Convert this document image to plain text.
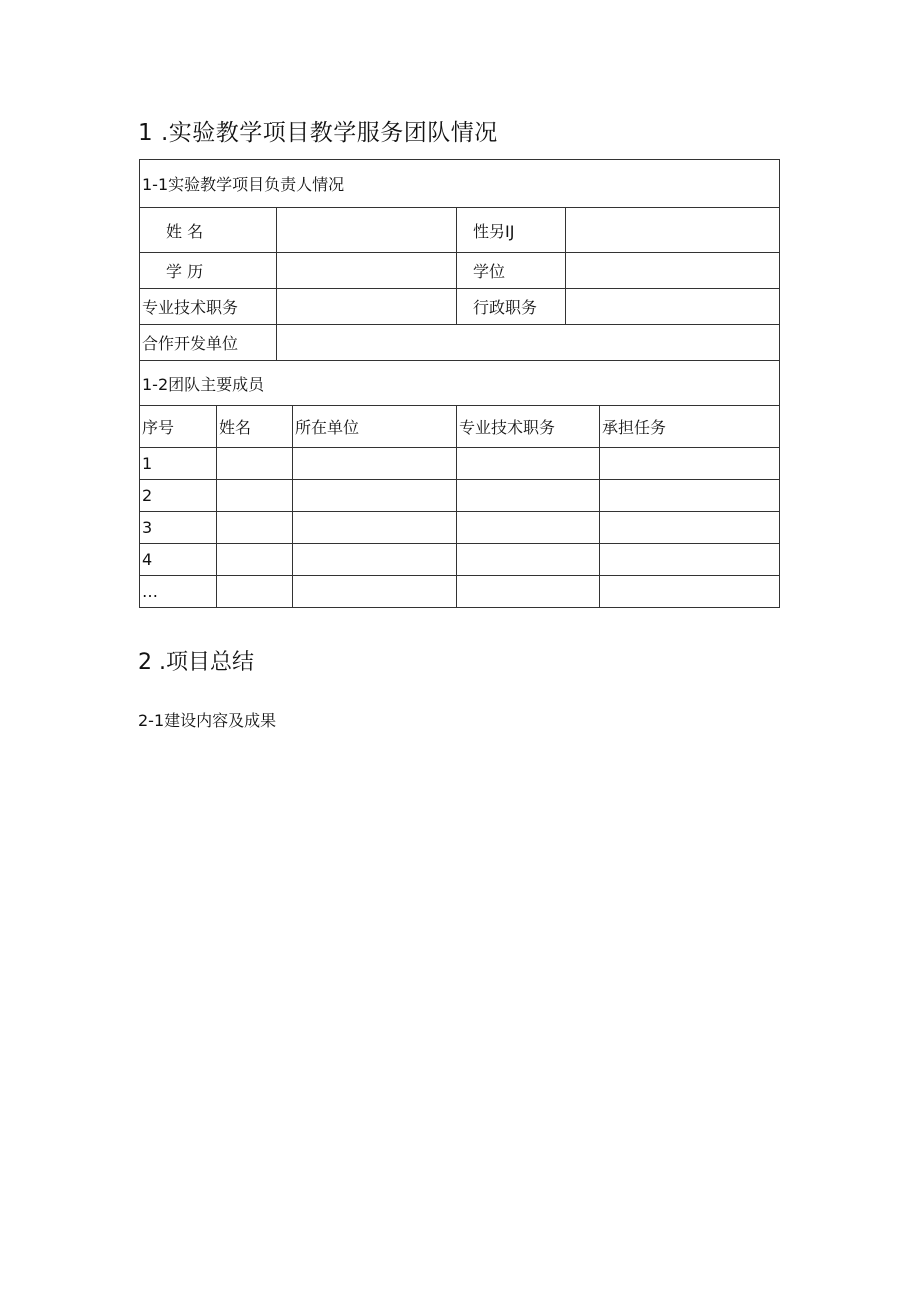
1 .实验教学项目教学服务团队情况
1-1实验教学项目负责人情况						
姓 名				性另IJ		
学 历				学位		
专业技术职务				行政职务		
合作开发单位						
1-2团队主要成员						
序号	姓名		所在单位	专业技术职务		承担任务
1						
2						
3						
4						
…						
2 .项目总结
2-1建设内容及成果
